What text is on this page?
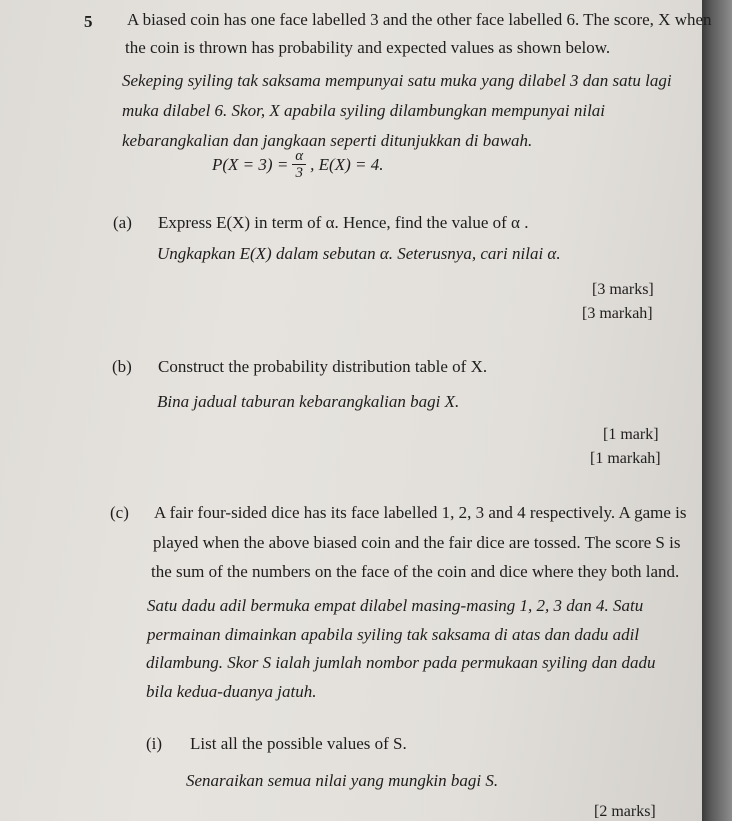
5 A biased coin has one face labelled 3 and the other face labelled 6. The score, X when
the coin is thrown has probability and expected values as shown below.
Sekeping syiling tak saksama mempunyai satu muka yang dilabel 3 dan satu lagi
muka dilabel 6. Skor, X apabila syiling dilambungkan mempunyai nilai
kebarangkalian dan jangkaan seperti ditunjukkan di bawah.
$P(X = 3) = \frac{\alpha}{3}$ , E(X) = 4.
(a) Express E(X) in term of α. Hence, find the value of α .
Ungkapkan E(X) dalam sebutan α. Seterusnya, cari nilai α.
[3 marks]
[3 markah]
(b) Construct the probability distribution table of X.
Bina jadual taburan kebarangkalian bagi X.
[1 mark]
[1 markah]
(c) A fair four-sided dice has its face labelled 1, 2, 3 and 4 respectively. A game is
played when the above biased coin and the fair dice are tossed. The score S is
the sum of the numbers on the face of the coin and dice where they both land.
Satu dadu adil bermuka empat dilabel masing-masing 1, 2, 3 dan 4. Satu
permainan dimainkan apabila syiling tak saksama di atas dan dadu adil
dilambung. Skor S ialah jumlah nombor pada permukaan syiling dan dadu
bila kedua-duanya jatuh.
(i) List all the possible values of S.
Senaraikan semua nilai yang mungkin bagi S.
[2 marks]
